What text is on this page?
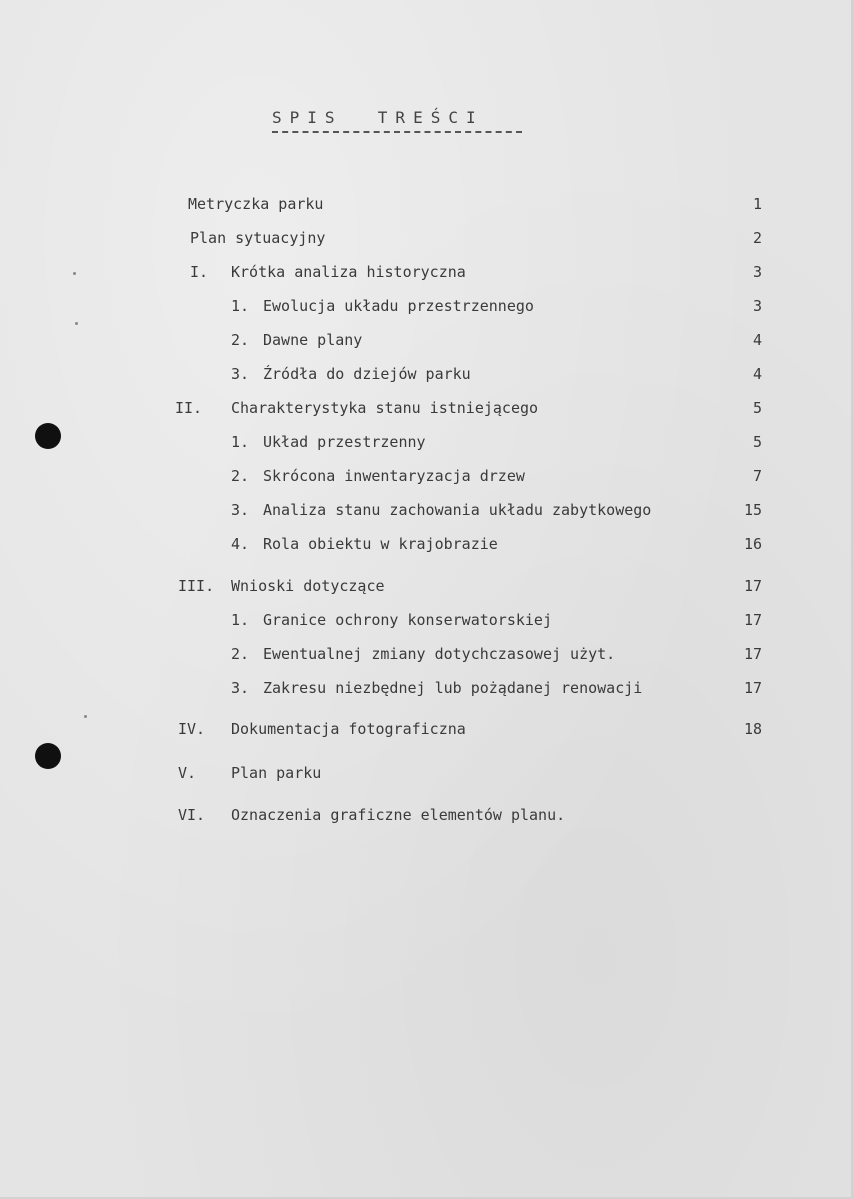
SPIS  TREŚCI
Metryczka parku	1
Plan sytuacyjny	2
I. Krótka analiza historyczna	3
1. Ewolucja układu przestrzennego	3
2. Dawne plany	4
3. Źródła do dziejów parku	4
II. Charakterystyka stanu istniejącego	5
1. Układ przestrzenny	5
2. Skrócona inwentaryzacja drzew	7
3. Analiza stanu zachowania układu zabytkowego	15
4. Rola obiektu w krajobrazie	16
III. Wnioski dotyczące	17
1. Granice ochrony konserwatorskiej	17
2. Ewentualnej zmiany dotychczasowej użyt.	17
3. Zakresu niezbędnej lub pożądanej renowacji	17
IV. Dokumentacja fotograficzna	18
V. Plan parku
VI. Oznaczenia graficzne elementów planu.
